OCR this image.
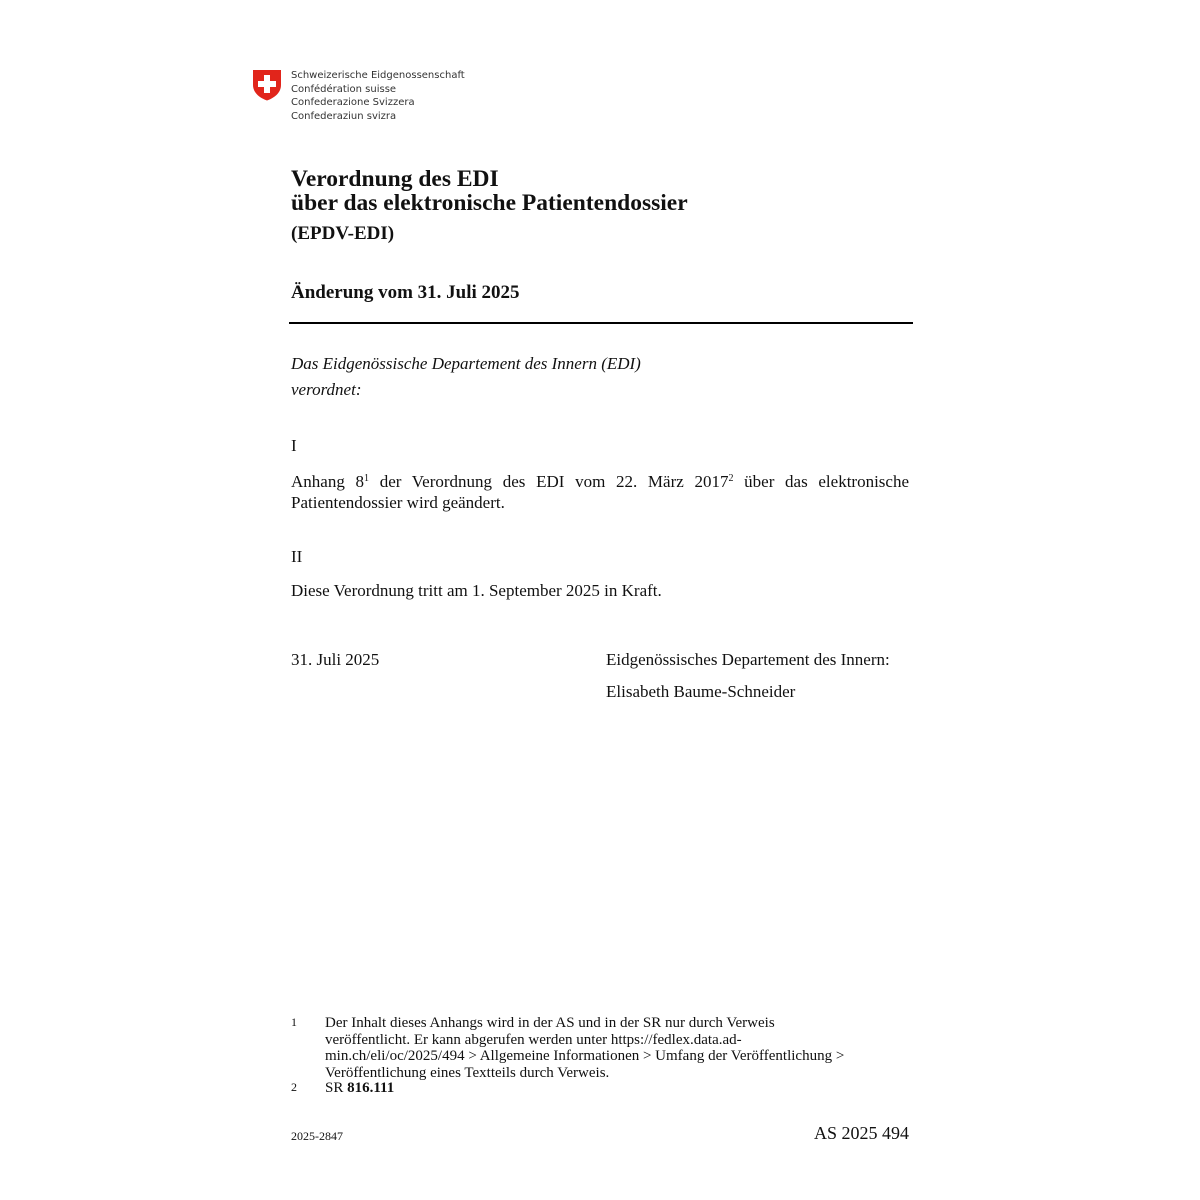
Schweizerische Eidgenossenschaft
Confédération suisse
Confederazione Svizzera
Confederaziun svizra
Verordnung des EDI
über das elektronische Patientendossier
(EPDV-EDI)
Änderung vom 31. Juli 2025
Das Eidgenössische Departement des Innern (EDI)
verordnet:
I
Anhang $8^1$ der Verordnung des EDI vom 22. März 2017$^2$ über das elektronische Patientendossier wird geändert.
II
Diese Verordnung tritt am 1. September 2025 in Kraft.
31. Juli 2025	Eidgenössisches Departement des Innern:
Elisabeth Baume-Schneider
1 Der Inhalt dieses Anhangs wird in der AS und in der SR nur durch Verweis
veröffentlicht. Er kann abgerufen werden unter https://fedlex.data.ad-
min.ch/eli/oc/2025/494 > Allgemeine Informationen > Umfang der Veröffentlichung >
Veröffentlichung eines Textteils durch Verweis.
2 SR 816.111
2025-2847	AS 2025 494
